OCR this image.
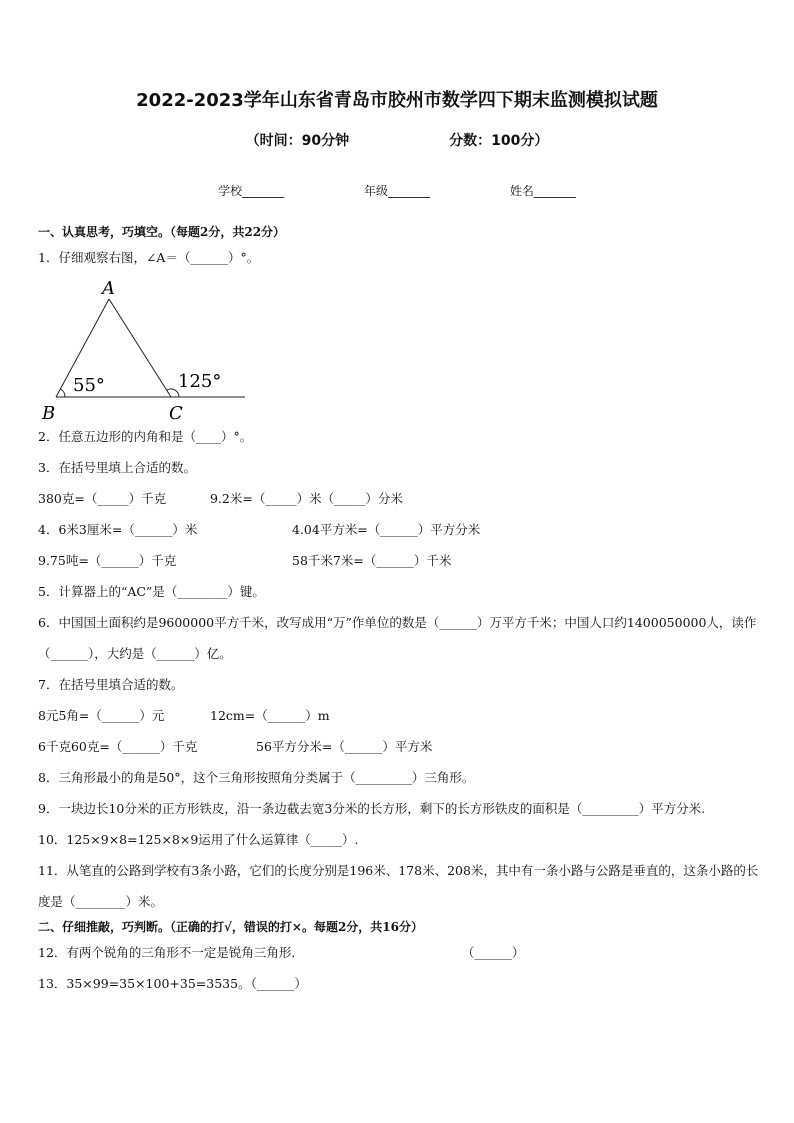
2022-2023学年山东省青岛市胶州市数学四下期末监测模拟试题
（时间：90分钟	分数：100分）
学校_______	年级_______	姓名_______
一、认真思考，巧填空。（每题2分，共22分）
1．仔细观察右图，∠A＝（______）°。
A
B	C
55°	125°
2．任意五边形的内角和是（____）°。
3．在括号里填上合适的数。
380克=（_____）千克	9.2米=（_____）米（_____）分米
4．6米3厘米=（______）米	4.04平方米=（______）平方分米
9.75吨=（______）千克	58千米7米=（______）千米
5．计算器上的“AC”是（________）键。
6．中国国土面积约是9600000平方千米，改写成用“万”作单位的数是（______）万平方千米；中国人口约1400050000人，读作（______），大约是（______）亿。
7．在括号里填合适的数。
8元5角=（______）元	12cm=（______）m
6千克60克=（______）千克	56平方分米=（______）平方米
8．三角形最小的角是50°，这个三角形按照角分类属于（_________）三角形。
9．一块边长10分米的正方形铁皮，沿一条边截去宽3分米的长方形，剩下的长方形铁皮的面积是（_________）平方分米.
10．125×9×8=125×8×9运用了什么运算律（_____）.
11．从笔直的公路到学校有3条小路，它们的长度分别是196米、178米、208米，其中有一条小路与公路是垂直的，这条小路的长度是（________）米。
二、仔细推敲，巧判断。（正确的打√，错误的打×。每题2分，共16分）
12．有两个锐角的三角形不一定是锐角三角形．	（______）
13．35×99=35×100+35=3535。（______）
